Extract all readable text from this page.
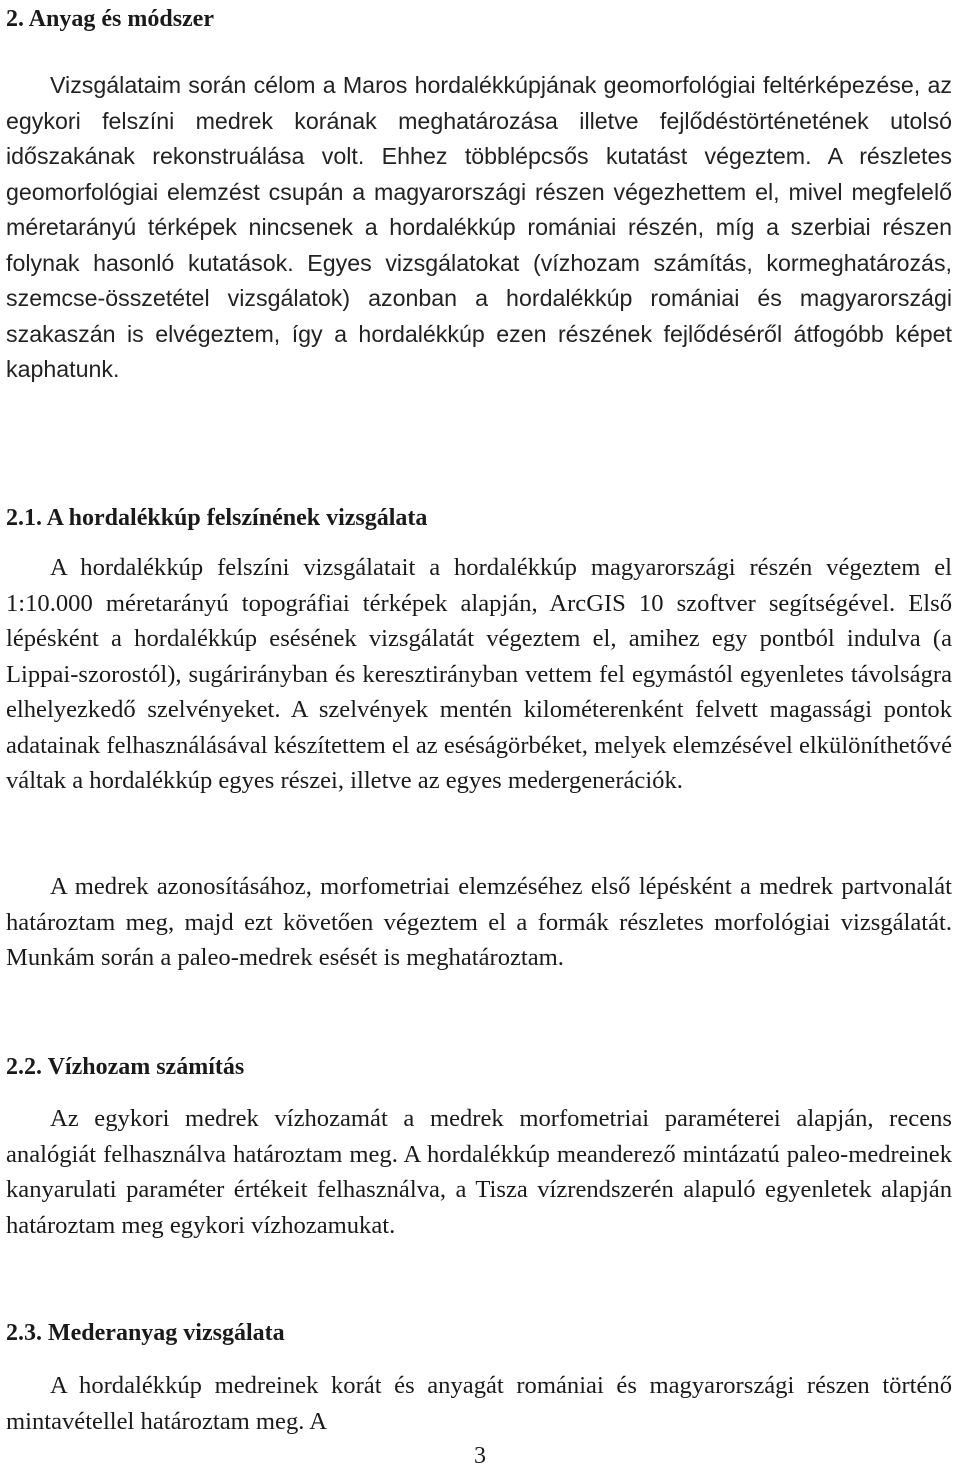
2. Anyag és módszer

Vizsgálataim során célom a Maros hordalékkúpjának geomorfológiai feltérképezése, az egykori felszíni medrek korának meghatározása illetve fejlődéstörténetének utolsó időszakának rekonstruálása volt. Ehhez többlépcsős kutatást végeztem. A részletes geomorfológiai elemzést csupán a magyarországi részen végezhettem el, mivel megfelelő méretarányú térképek nincsenek a hordalékkúp romániai részén, míg a szerbiai részen folynak hasonló kutatások. Egyes vizsgálatokat (vízhozam számítás, kormeghatározás, szemcse-összetétel vizsgálatok) azonban a hordalékkúp romániai és magyarországi szakaszán is elvégeztem, így a hordalékkúp ezen részének fejlődéséről átfogóbb képet kaphatunk.

2.1. A hordalékkúp felszínének vizsgálata

A hordalékkúp felszíni vizsgálatait a hordalékkúp magyarországi részén végeztem el 1:10.000 méretarányú topográfiai térképek alapján, ArcGIS 10 szoftver segítségével. Első lépésként a hordalékkúp esésének vizsgálatát végeztem el, amihez egy pontból indulva (a Lippai-szorostól), sugárirányban és keresztirányban vettem fel egymástól egyenletes távolságra elhelyezkedő szelvényeket. A szelvények mentén kilométerenként felvett magassági pontok adatainak felhasználásával készítettem el az eséságörbéket, melyek elemzésével elkülöníthetővé váltak a hordalékkúp egyes részei, illetve az egyes medergenerációk.

A medrek azonosításához, morfometriai elemzéséhez első lépésként a medrek partvonalát határoztam meg, majd ezt követően végeztem el a formák részletes morfológiai vizsgálatát. Munkám során a paleo-medrek esését is meghatároztam.

2.2. Vízhozam számítás

Az egykori medrek vízhozamát a medrek morfometriai paraméterei alapján, recens analógiát felhasználva határoztam meg. A hordalékkúp meanderező mintázatú paleo-medreinek kanyarulati paraméter értékeit felhasználva, a Tisza vízrendszerén alapuló egyenletek alapján határoztam meg egykori vízhozamukat.

2.3. Mederanyag vizsgálata

A hordalékkúp medreinek korát és anyagát romániai és magyarországi részen történő mintavétellel határoztam meg. A

3
